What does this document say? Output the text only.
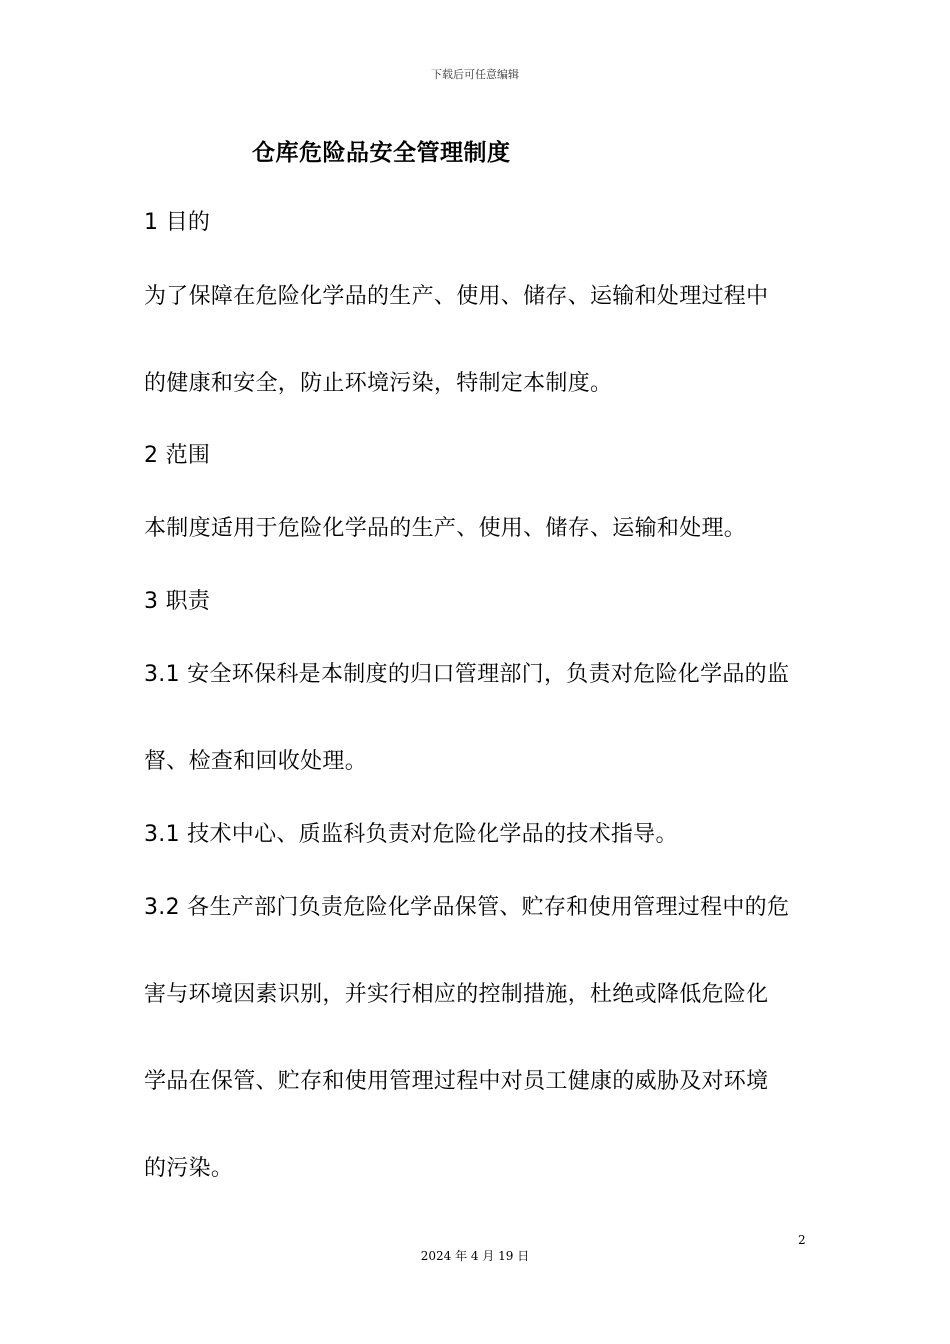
下载后可任意编辑
仓库危险品安全管理制度
1 目的
为了保障在危险化学品的生产、使用、储存、运输和处理过程中
的健康和安全，防止环境污染，特制定本制度。
2 范围
本制度适用于危险化学品的生产、使用、储存、运输和处理。
3 职责
3.1 安全环保科是本制度的归口管理部门，负责对危险化学品的监
督、检查和回收处理。
3.1 技术中心、质监科负责对危险化学品的技术指导。
3.2 各生产部门负责危险化学品保管、贮存和使用管理过程中的危
害与环境因素识别，并实行相应的控制措施，杜绝或降低危险化
学品在保管、贮存和使用管理过程中对员工健康的威胁及对环境
的污染。
2
2024 年 4 月 19 日
